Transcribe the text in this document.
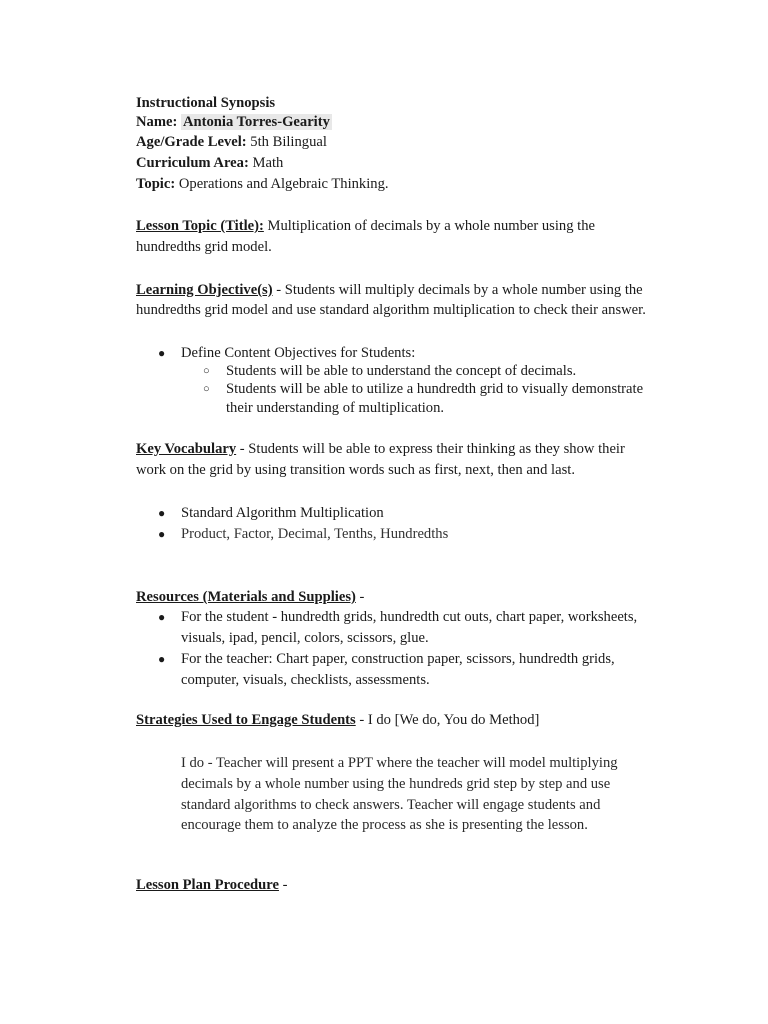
Instructional Synopsis
Name: Antonia Torres-Gearity
Age/Grade Level: 5th Bilingual
Curriculum Area: Math
Topic: Operations and Algebraic Thinking.
Lesson Topic (Title): Multiplication of decimals by a whole number using the
hundredths grid model.
Learning Objective(s) - Students will multiply decimals by a whole number using the
hundredths grid model and use standard algorithm multiplication to check their answer.
●	Define Content Objectives for Students:
○ Students will be able to understand the concept of decimals.
○ Students will be able to utilize a hundredth grid to visually demonstrate
their understanding of multiplication.
Key Vocabulary - Students will be able to express their thinking as they show their
work on the grid by using transition words such as first, next, then and last.
●	Standard Algorithm Multiplication
●	Product, Factor, Decimal, Tenths, Hundredths
Resources (Materials and Supplies) -
●	For the student - hundredth grids, hundredth cut outs, chart paper, worksheets,
visuals, ipad, pencil, colors, scissors, glue.
●	For the teacher: Chart paper, construction paper, scissors, hundredth grids,
computer, visuals, checklists, assessments.
Strategies Used to Engage Students - I do [We do, You do Method]
I do - Teacher will present a PPT where the teacher will model multiplying
decimals by a whole number using the hundreds grid step by step and use
standard algorithms to check answers. Teacher will engage students and
encourage them to analyze the process as she is presenting the lesson.
Lesson Plan Procedure -
